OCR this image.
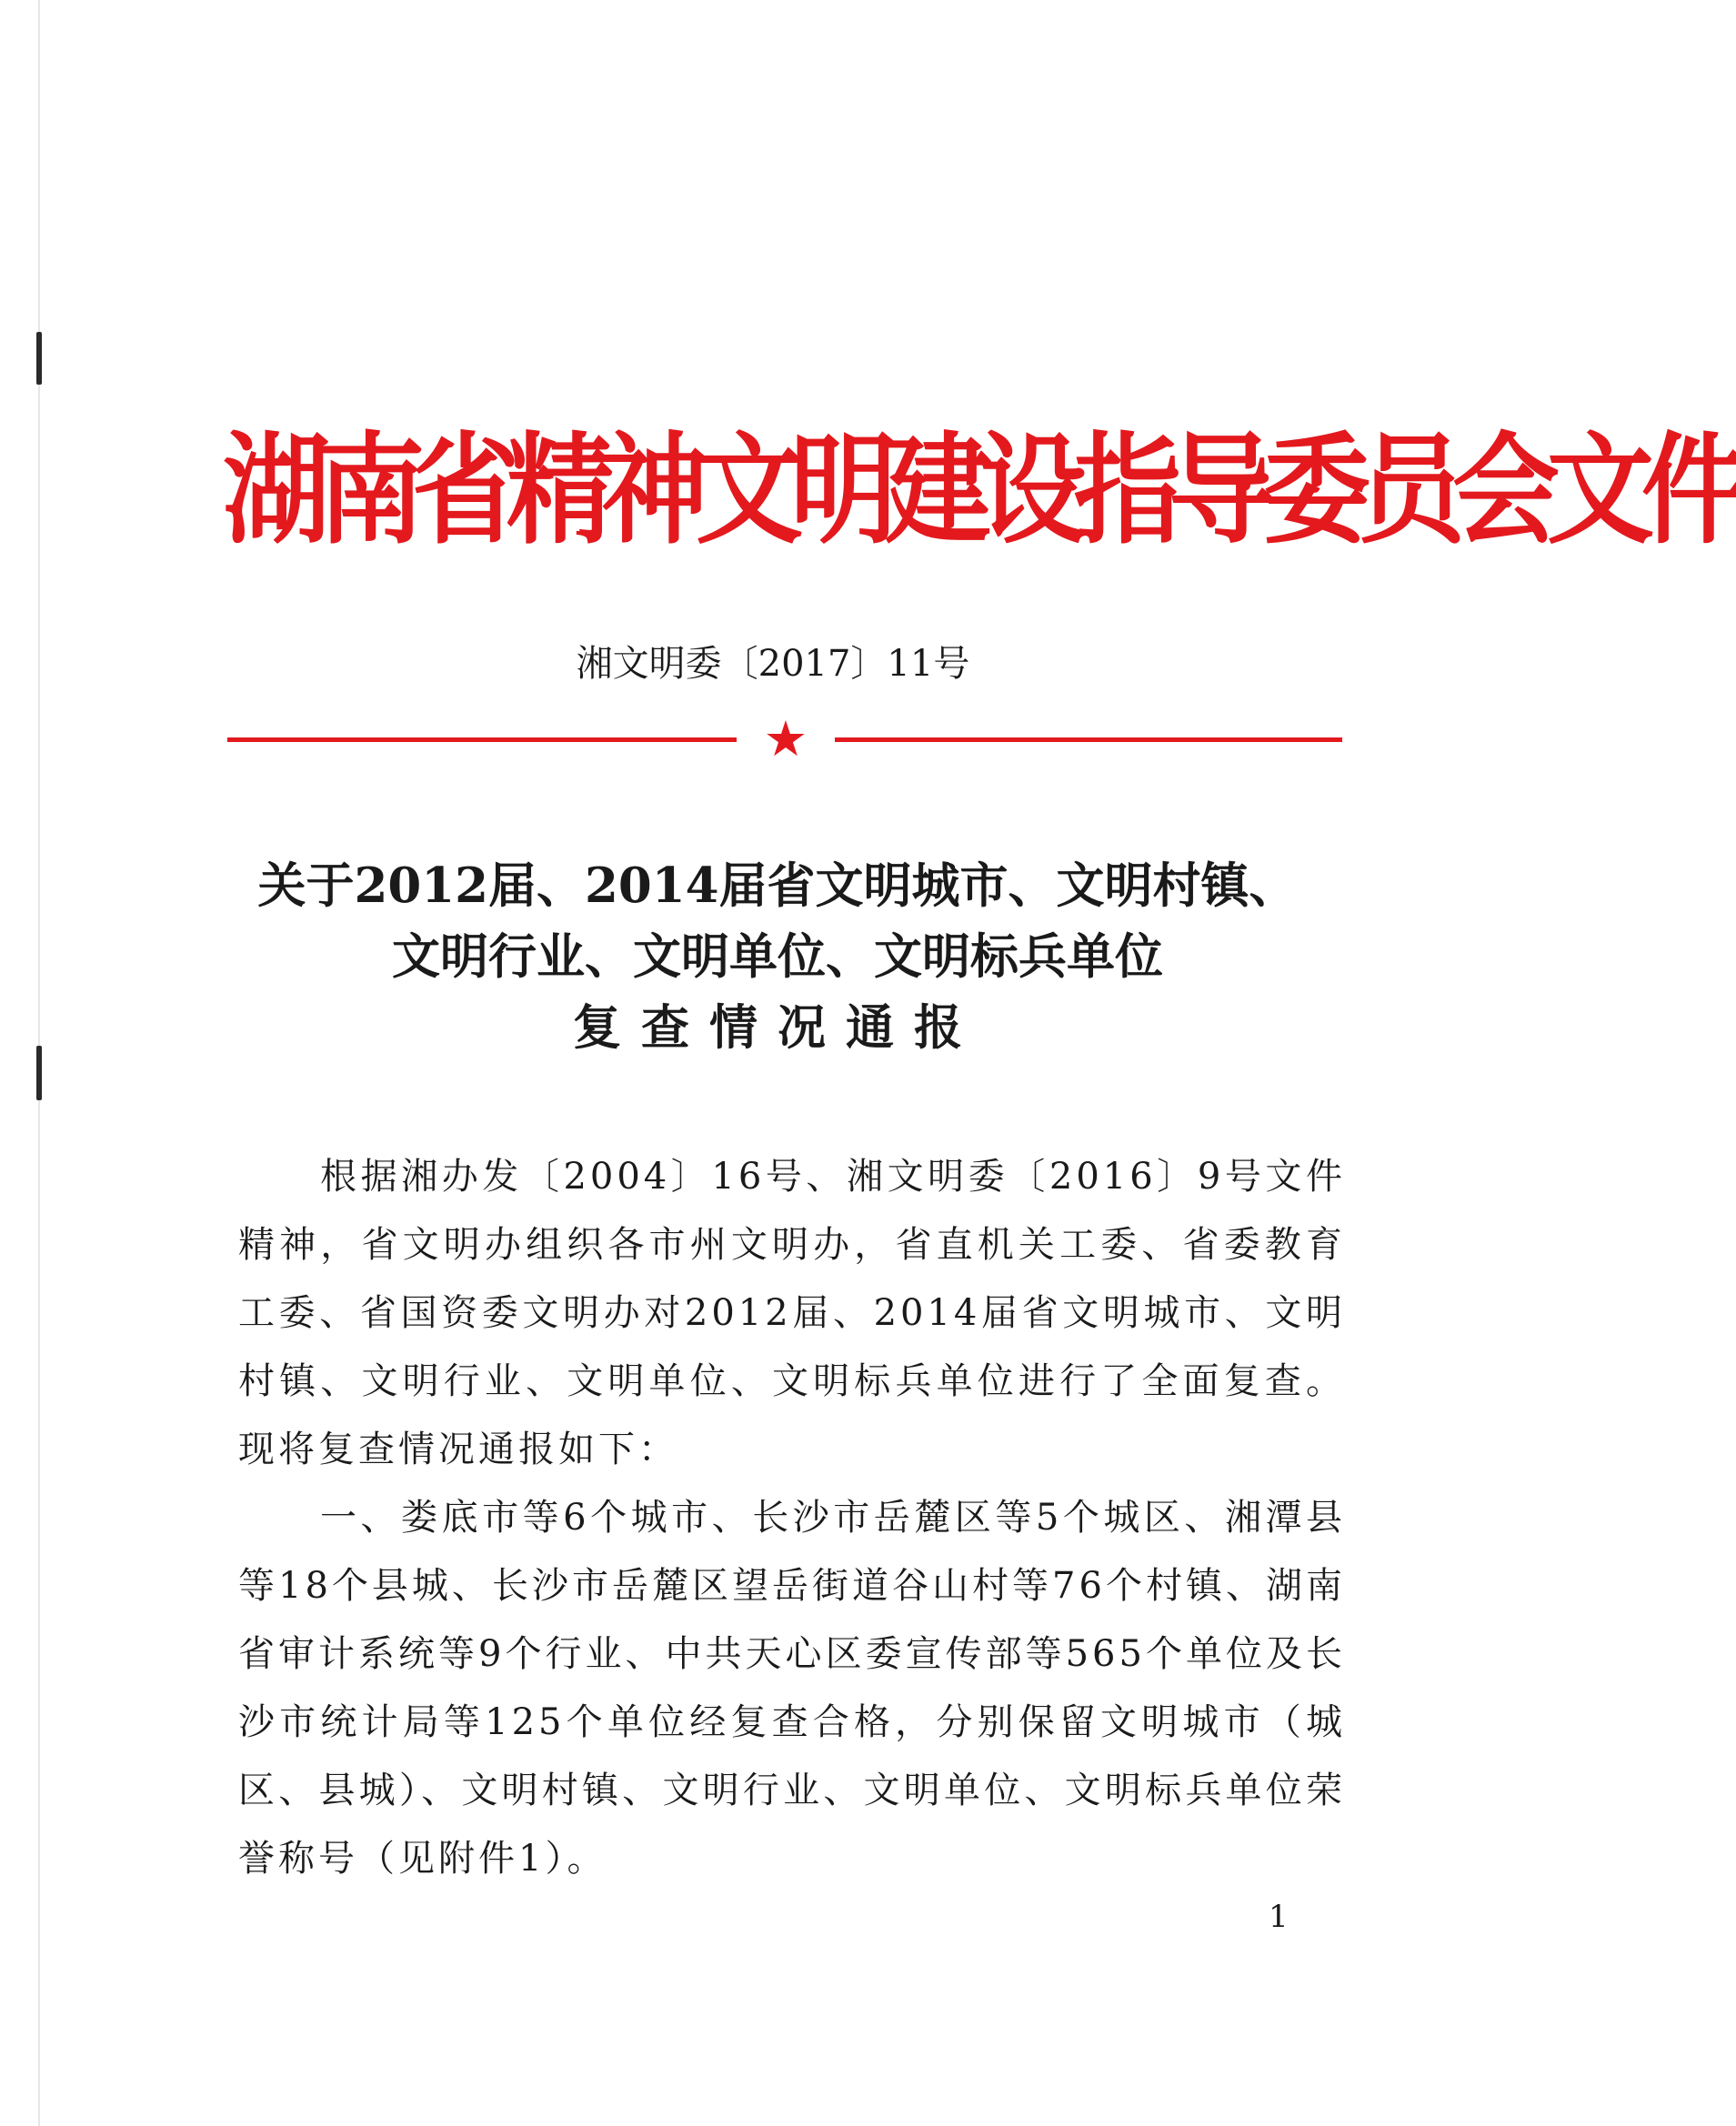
湖南省精神文明建设指导委员会文件
湘文明委〔2017〕11号
★
关于2012届、2014届省文明城市、文明村镇、
文明行业、文明单位、文明标兵单位
复查情况通报

根据湘办发〔2004〕16号、湘文明委〔2016〕9号文件精神，省文明办组织各市州文明办，省直机关工委、省委教育工委、省国资委文明办对2012届、2014届省文明城市、文明村镇、文明行业、文明单位、文明标兵单位进行了全面复查。现将复查情况通报如下：

一、娄底市等6个城市、长沙市岳麓区等5个城区、湘潭县等18个县城、长沙市岳麓区望岳街道谷山村等76个村镇、湖南省审计系统等9个行业、中共天心区委宣传部等565个单位及长沙市统计局等125个单位经复查合格，分别保留文明城市（城区、县城）、文明村镇、文明行业、文明单位、文明标兵单位荣誉称号（见附件1）。

1
